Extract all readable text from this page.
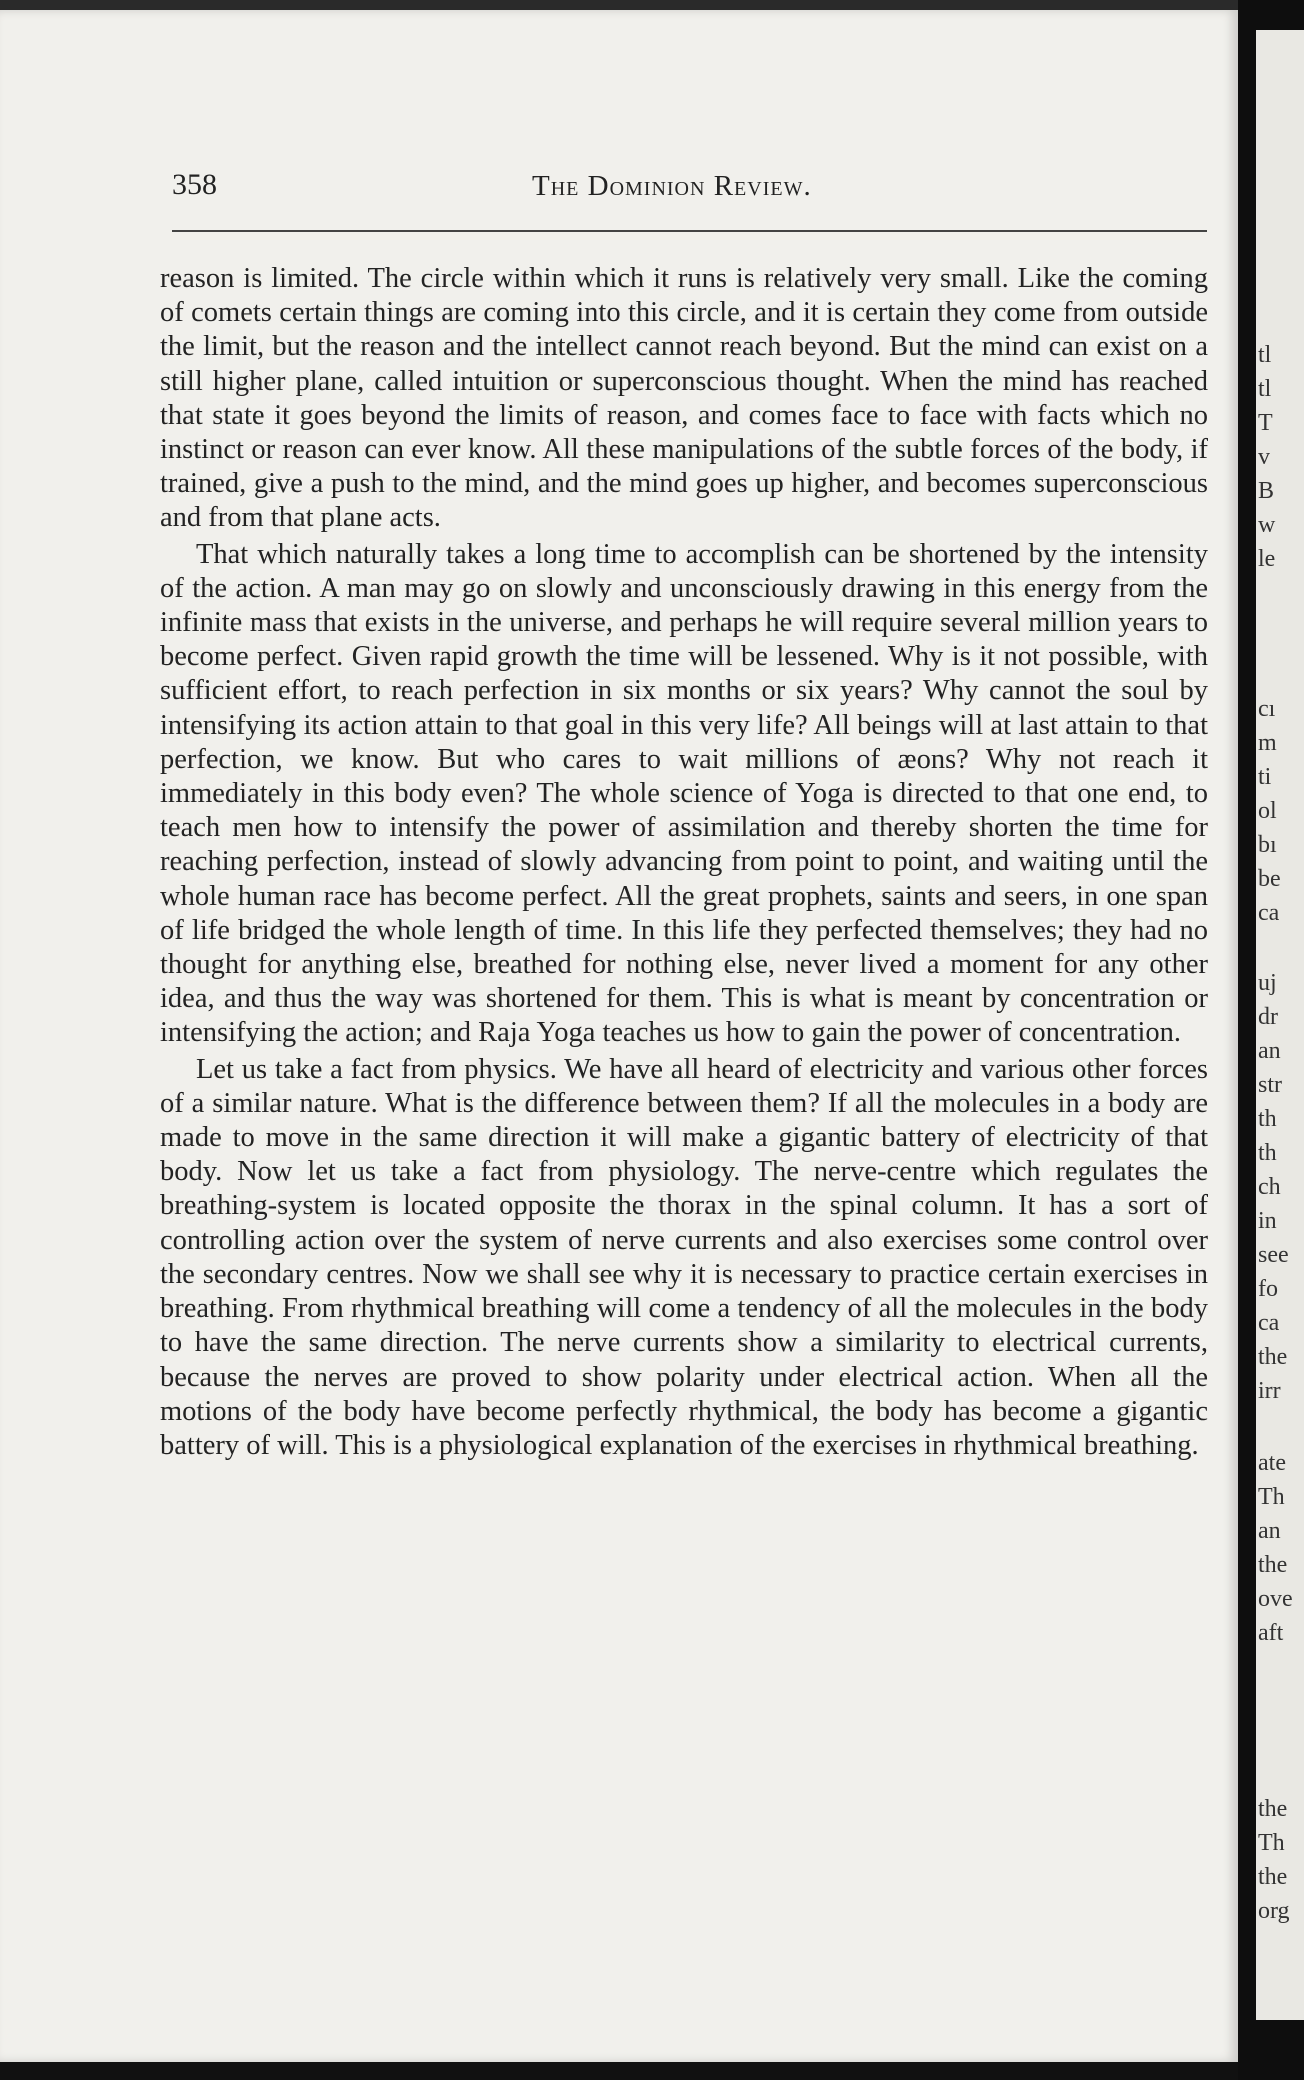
358	The Dominion Review.

reason is limited. The circle within which it runs is relatively very small. Like the coming of comets certain things are coming into this circle, and it is certain they come from outside the limit, but the reason and the intellect cannot reach beyond. But the mind can exist on a still higher plane, called intuition or superconscious thought. When the mind has reached that state it goes beyond the limits of reason, and comes face to face with facts which no instinct or reason can ever know. All these manipulations of the subtle forces of the body, if trained, give a push to the mind, and the mind goes up higher, and becomes superconscious and from that plane acts.

That which naturally takes a long time to accomplish can be shortened by the intensity of the action. A man may go on slowly and unconsciously drawing in this energy from the infinite mass that exists in the universe, and perhaps he will require several million years to become perfect. Given rapid growth the time will be lessened. Why is it not possible, with sufficient effort, to reach perfection in six months or six years? Why cannot the soul by intensifying its action attain to that goal in this very life? All beings will at last attain to that perfection, we know. But who cares to wait millions of æons? Why not reach it immediately in this body even? The whole science of Yoga is directed to that one end, to teach men how to intensify the power of assimilation and thereby shorten the time for reaching perfection, instead of slowly advancing from point to point, and waiting until the whole human race has become perfect. All the great prophets, saints and seers, in one span of life bridged the whole length of time. In this life they perfected themselves; they had no thought for anything else, breathed for nothing else, never lived a moment for any other idea, and thus the way was shortened for them. This is what is meant by concentration or intensifying the action; and Raja Yoga teaches us how to gain the power of concentration.

Let us take a fact from physics. We have all heard of electricity and various other forces of a similar nature. What is the difference between them? If all the molecules in a body are made to move in the same direction it will make a gigantic battery of electricity of that body. Now let us take a fact from physiology. The nerve-centre which regulates the breathing-system is located opposite the thorax in the spinal column. It has a sort of controlling action over the system of nerve currents and also exercises some control over the secondary centres. Now we shall see why it is necessary to practice certain exercises in breathing. From rhythmical breathing will come a tendency of all the molecules in the body to have the same direction. The nerve currents show a similarity to electrical currents, because the nerves are proved to show polarity under electrical action. When all the motions of the body have become perfectly rhythmical, the body has become a gigantic battery of will. This is a physiological explanation of the exercises in rhythmical breathing.

tl
tl
T
v
B
w
le
cı
m
ti
ol
bı
be
ca
uj
dr
an
str
th
th
ch
in
see
fo
ca
the
irr
ate
Th
an
the
ove
aft
the
Th
the
org
